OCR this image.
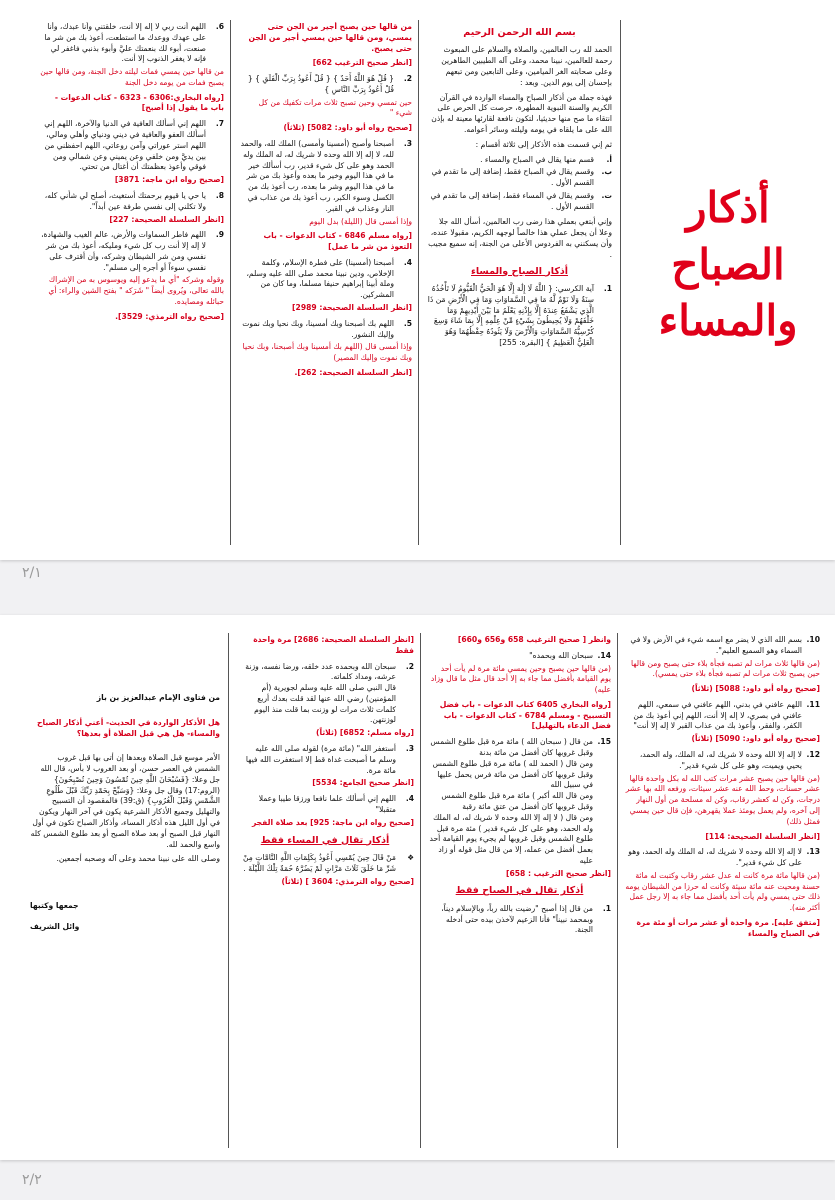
بسم الله الرحمن الرحيم

الحمد لله رب العالمين، والصلاة والسلام على المبعوث رحمة للعالمين، نبينا محمد، وعلى آله الطيبين الطاهرين وعلى صحابته الغر الميامين، وعلى التابعين ومن تبعهم بإحسان إلى يوم الدين. وبعد :

فهذه جملة من أذكار الصباح والمساء الواردة في القرآن الكريم والسنة النبوية المطهرة، حرصت كل الحرص على انتقاء ما صح منها حديثيا، لتكون نافعة لقارئها معينة له بإذن الله على ما يلقاه في يومه وليلته وسائر أعوامه.

ثم إني قسمت هذه الأذكار إلى ثلاثة أقسام :

أ.
قسم منها يقال في الصباح والمساء .
ب.
وقسم يقال في الصباح فقط، إضافة إلى ما تقدم في القسم الأول .
ت.
وقسم يقال في المساء فقط، إضافة إلى ما تقدم في القسم الأول .

وإني أبتغي بعملي هذا رضى رب العالمين، أسأل الله جلا وعلا أن يجعل عملي هذا خالصاً لوجهه الكريم، مقبولا عنده، وأن يسكنني به الفردوس الأعلى من الجنة، إنه سميع مجيب .

أذكار الصباح والمساء
1.
آية الكرسي: { اللَّهُ لَا إِلَٰهَ إِلَّا هُوَ الْحَيُّ الْقَيُّومُ لَا تَأْخُذُهُ سِنَةٌ وَلَا نَوْمٌ لَّهُ مَا فِي السَّمَاوَاتِ وَمَا فِي الْأَرْضِ مَن ذَا الَّذِي يَشْفَعُ عِندَهُ إِلَّا بِإِذْنِهِ يَعْلَمُ مَا بَيْنَ أَيْدِيهِمْ وَمَا خَلْفَهُمْ وَلَا يُحِيطُونَ بِشَيْءٍ مِّنْ عِلْمِهِ إِلَّا بِمَا شَاءَ وَسِعَ كُرْسِيُّهُ السَّمَاوَاتِ وَالْأَرْضَ وَلَا يَئُودُهُ حِفْظُهُمَا وَهُوَ الْعَلِيُّ الْعَظِيمُ } [البقرة: 255]
أذكار الصباح والمساء

من قالها حين يصبح أجير من الجن حتى يمسي، ومن قالها حين يمسي أجير من الجن حتى يصبح.

[انظر صحيح الترغيب 662]

2.
{ قُلْ هُوَ اللَّهُ أَحَدٌ } { قُلْ أَعُوذُ بِرَبِّ الْفَلَقِ } { قُلْ أَعُوذُ بِرَبِّ النَّاسِ }

حين تمسي وحين تصبح ثلاث مرات تكفيك من كل شيء "

[صحيح رواه أبو داود: 5082] (ثلاثاً)

3.
أصبحنا وأصبح (أمسينا وأمسى) الملك لله، والحمد لله، لا إله إلا الله وحده لا شريك له، له الملك وله الحمد وهو على كل شيء قدير، رب أسألك خير ما في هذا اليوم وخير ما بعده وأعوذ بك من شر ما في هذا اليوم وشر ما بعده، رب أعوذ بك من الكسل وسوء الكبر، رب أعوذ بك من عذاب في النار وعذاب في القبر.

وإذا أمسى قال (الليلة) بدل اليوم

[رواه مسلم 6846 - كتاب الدعوات - باب التعوذ من شر ما عمل]

4.
أصبحنا (أمسينا) على فطرة الإسلام، وكلمة الإخلاص، ودين نبينا محمد صلى الله عليه وسلم، وملة أبينا إبراهيم حنيفا مسلما، وما كان من المشركين.

[انظر السلسلة الصحيحة: 2989]

5.
اللهم بك أصبحنا وبك أمسينا، وبك نحيا وبك نموت وإليك النشور.

وإذا أمسى قال (اللهم بك أمسينا وبك أصبحنا، وبك نحيا وبك نموت وإليك المصير)

[انظر السلسلة الصحيحة: 262].

6.
اللهم أنت ربي لا إله إلا أنت، خلقتني وأنا عبدك، وأنا على عهدك ووعدك ما استطعت، أعوذ بك من شر ما صنعت، أبوء لك بنعمتك عليَّ وأبوء بذنبي فاغفر لي فإنه لا يغفر الذنوب إلا أنت.

من قالها حين يمسي فمات ليلته دخل الجنة، ومن قالها حين يصبح فمات من يومه دخل الجنة

[رواه البخاري:6306 - 6323 - كتاب الدعوات - باب ما يقول إذا أصبح]

7.
اللهم إني أسألك العافية في الدنيا والآخرة، اللهم إني أسألك العفو والعافية في ديني ودنياي وأهلي ومالي، اللهم استر عوراتي وآمن روعاتي، اللهم احفظني من بين يديَّ ومن خلفي وعن يميني وعن شمالي ومن فوقي وأعوذ بعظمتك أن أغتال من تحتي.

[صحيح رواه ابن ماجه: 3871]

8.
يا حي يا قيوم برحمتك أستغيث، أصلح لي شأني كله، ولا تكلني إلى نفسي طرفة عين أبداً".

[انظر السلسلة الصحيحة: 227]

9.
اللهم فاطر السماوات والأرض، عالم الغيب والشهادة، لا إله إلا أنت رب كل شيء ومليكه، أعوذ بك من شر نفسي ومن شر الشيطان وشركه، وأن أقترف على نفسي سوءاً أو أجره إلى مسلم".

وقوله وشركه "أي ما يدعو إليه ويوسوس به من الإشراك بالله تعالى، ويُروى أيضاً " شَرَكه " بفتح الشين والراء: أي حبائله ومصايده.

[صحيح رواه الترمذي: 3529].

٢/١
10.
بسم الله الذي لا يضر مع اسمه شيء في الأرض ولا في السماء وهو السميع العليم".

(من قالها ثلاث مرات لم تصبه فجأة بلاء حتى يصبح ومن قالها حين يصبح ثلاث مرات لم تصبه فجأة بلاء حتى يمسي).

[صحيح رواه أبو داود: 5088] (ثلاثاً)

11.
اللهم عافني في بدني، اللهم عافني في سمعي، اللهم عافني في بصري، لا إله إلا أنت، اللهم إني أعوذ بك من الكفر، والفقر، وأعوذ بك من عذاب القبر لا إله إلا أنت"

[صحيح رواه أبو داود: 5090] (ثلاثاً)

12.
لا إله إلا الله وحده لا شريك له، له الملك، وله الحمد، يحيي ويميت، وهو على كل شيء قدير".

(من قالها حين يصبح عشر مرات كتب الله له بكل واحدة قالها عشر حسنات، وحط الله عنه عشر سيئات، ورفعه الله بها عشر درجات، وكن له كعشر رقاب، وكن له مسلحة من أول النهار إلى آخره، ولم يعمل يومئذ عملا يقهرهن، فإن قال حين يمسي فمثل ذلك)

[انظر السلسلة الصحيحة: 114]

13.
لا إله إلا الله وحده لا شريك له، له الملك وله الحمد، وهو على كل شيء قدير".

(من قالها مائة مرة كانت له عدل عشر رقاب وكتبت له مائة حسنة ومحيت عنه مائة سيئة وكانت له حرزا من الشيطان يومه ذلك حتى يمسي ولم يأت أحد بأفضل مما جاء به إلا رجل عمل أكثر منه).

[متفق عليه]. مرة واحدة أو عشر مرات أو مئة مرة في الصباح والمساء

وانظر [ صحيح الترغيب 658 و656 و660]

14.
سبحان الله وبحمده"

(من قالها حين يصبح وحين يمسي مائة مرة لم يأت أحد يوم القيامة بأفضل مما جاء به إلا أحد قال مثل ما قال وزاد عليه)

[رواه البخاري 6405 كتاب الدعوات - باب فضل التسبيح - ومسلم 6784 - كتاب الدعوات - باب فضل الدعاء بالتهليل]

15.
من قال ( سبحان الله ) مائة مرة قبل طلوع الشمس وقبل غروبها كان أفضل من مائة بدنة
ومن قال ( الحمد لله ) مائة مرة قبل طلوع الشمس وقبل غروبها كان أفضل من مائة فرس يحمل عليها في سبيل الله
ومن قال الله أكبر ) مائة مرة قبل طلوع الشمس وقبل غروبها كان أفضل من عتق مائة رقبة
ومن قال ( لا إله إلا الله وحده لا شريك له، له الملك وله الحمد، وهو على كل شيء قدير ) مئة مرة قبل طلوع الشمس وقبل غروبها لم يجيء يوم القيامة أحد بعمل أفضل من عمله، إلا من قال مثل قوله أو زاد عليه

[انظر صحيح الترغيب : 658]

أذكار تقال في الصباح فقط
1.
من قال إذا أصبح "رضيت بالله رباً، وبالإسلام ديناً، وبمحمد نبيناً" فأنا الزعيم لآخذن بيده حتى أدخله الجنة.

[انظر السلسلة الصحيحة: 2686] مرة واحدة فقط

2.
سبحان الله وبحمده عدد خلقه، ورضا نفسه، وزنة عرشه، ومداد كلماته.
قال النبي صلى الله عليه وسلم لجويرية (أم المؤمنين) رضي الله عنها لقد قلت بعدك أربع كلمات ثلاث مرات لو وزنت بما قلت منذ اليوم لوزنتهن.

[رواه مسلم: 6852] (ثلاثاً)

3.
أستغفر الله" (مائة مرة) لقوله صلى الله عليه وسلم ما أصبحت غداة قط إلا استغفرت الله فيها مائة مرة.

[انظر صحيح الجامع: 5534]

4.
اللهم إني أسألك علما نافعا ورزقا طيبا وعملا متقبلا"

[صحيح رواه ابن ماجة: 925] بعد صلاة الفجر

أذكار تقال في المساء فقط
❖
مَنْ قَالَ حِينَ يُمْسِي أَعُوذُ بِكَلِمَاتِ اللَّهِ التَّامَّاتِ مِنْ شَرِّ مَا خَلَقَ ثَلَاثَ مَرَّاتٍ لَمْ يَضُرَّهُ حُمَةٌ تِلْكَ اللَّيْلَةَ .

[صحيح رواه الترمذي: 3604 ] (ثلاثاً)

من فتاوى الإمام عبدالعزيز بن باز

هل الأذكار الواردة في الحديث- أعني أذكار الصباح والمساء- هل هي قبل الصلاة أو بعدها؟

الأمر موسع قبل الصلاة وبعدها إن أتى بها قبل غروب الشمس في العصر حسن، أو بعد الغروب لا بأس، قال الله جل وعلا: {فَسُبْحَانَ اللَّهِ حِينَ تُمْسُونَ وَحِينَ تُصْبِحُونَ} (الروم:17) وقال جل وعلا: {وَسَبِّحْ بِحَمْدِ رَبِّكَ قَبْلَ طُلُوعِ الشَّمْسِ وَقَبْلَ الْغُرُوبِ} (ق:39) فالمقصود أن التسبيح والتهليل وجميع الأذكار الشرعية يكون في آخر النهار ويكون في أول الليل هذه أذكار المساء، وأذكار الصباح تكون في أول النهار قبل الصبح أو بعد صلاة الصبح أو بعد طلوع الشمس كله واسع والحمد لله.

وصلى الله على نبينا محمد وعلى آله وصحبه أجمعين.

جمعها وكتبها

وائل الشريف

٢/٢
